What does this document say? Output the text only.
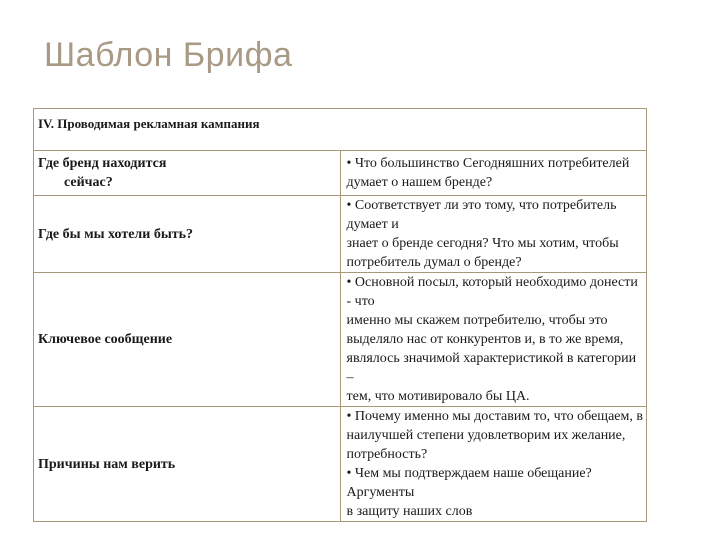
Шаблон Брифа
IV. Проводимая рекламная кампания	

Где бренд находится
сейчас?	• Что большинство Сегодняшних потребителей
думает о нашем бренде?

Где бы мы хотели быть?	• Соответствует ли это тому, что потребитель думает и
знает о бренде сегодня? Что мы хотим, чтобы
потребитель думал о бренде?

Ключевое сообщение	• Основной посыл, который необходимо донести - что
именно мы скажем потребителю, чтобы это
выделяло нас от конкурентов и, в то же время,
являлось значимой характеристикой в категории –
тем, что мотивировало бы ЦА.

Причины нам верить	• Почему именно мы доставим то, что обещаем, в
наилучшей степени удовлетворим их желание,
потребность?
• Чем мы подтверждаем наше обещание? Аргументы
в защиту наших слов
